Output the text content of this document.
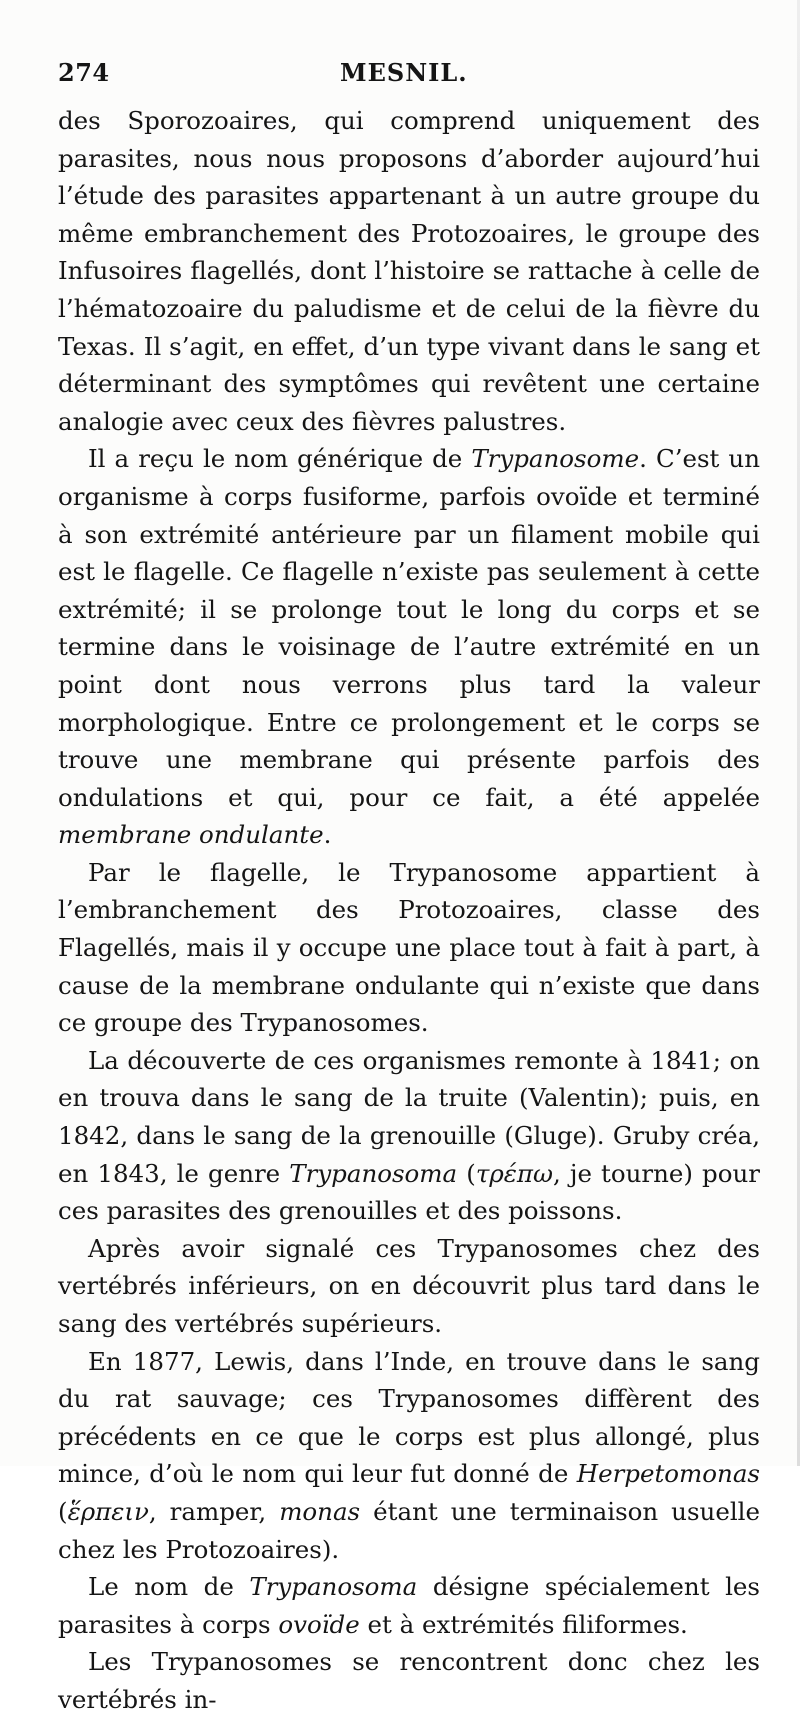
274	MESNIL.

des Sporozoaires, qui comprend uniquement des parasites, nous nous proposons d’aborder aujourd’hui l’étude des parasites appartenant à un autre groupe du même embranchement des Protozoaires, le groupe des Infusoires flagellés, dont l’histoire se rattache à celle de l’hématozoaire du paludisme et de celui de la fièvre du Texas. Il s’agit, en effet, d’un type vivant dans le sang et déterminant des symptômes qui revêtent une certaine analogie avec ceux des fièvres palustres.

Il a reçu le nom générique de Trypanosome. C’est un organisme à corps fusiforme, parfois ovoïde et terminé à son extrémité antérieure par un filament mobile qui est le flagelle. Ce flagelle n’existe pas seulement à cette extrémité; il se prolonge tout le long du corps et se termine dans le voisinage de l’autre extrémité en un point dont nous verrons plus tard la valeur morphologique. Entre ce prolongement et le corps se trouve une membrane qui présente parfois des ondulations et qui, pour ce fait, a été appelée membrane ondulante.

Par le flagelle, le Trypanosome appartient à l’embranchement des Protozoaires, classe des Flagellés, mais il y occupe une place tout à fait à part, à cause de la membrane ondulante qui n’existe que dans ce groupe des Trypanosomes.

La découverte de ces organismes remonte à 1841; on en trouva dans le sang de la truite (Valentin); puis, en 1842, dans le sang de la grenouille (Gluge). Gruby créa, en 1843, le genre Trypanosoma (τρέπω, je tourne) pour ces parasites des grenouilles et des poissons.

Après avoir signalé ces Trypanosomes chez des vertébrés inférieurs, on en découvrit plus tard dans le sang des vertébrés supérieurs.

En 1877, Lewis, dans l’Inde, en trouve dans le sang du rat sauvage; ces Trypanosomes diffèrent des précédents en ce que le corps est plus allongé, plus mince, d’où le nom qui leur fut donné de Herpetomonas (ἕρπειν, ramper, monas étant une terminaison usuelle chez les Protozoaires).

Le nom de Trypanosoma désigne spécialement les parasites à corps ovoïde et à extrémités filiformes.

Les Trypanosomes se rencontrent donc chez les vertébrés in-
